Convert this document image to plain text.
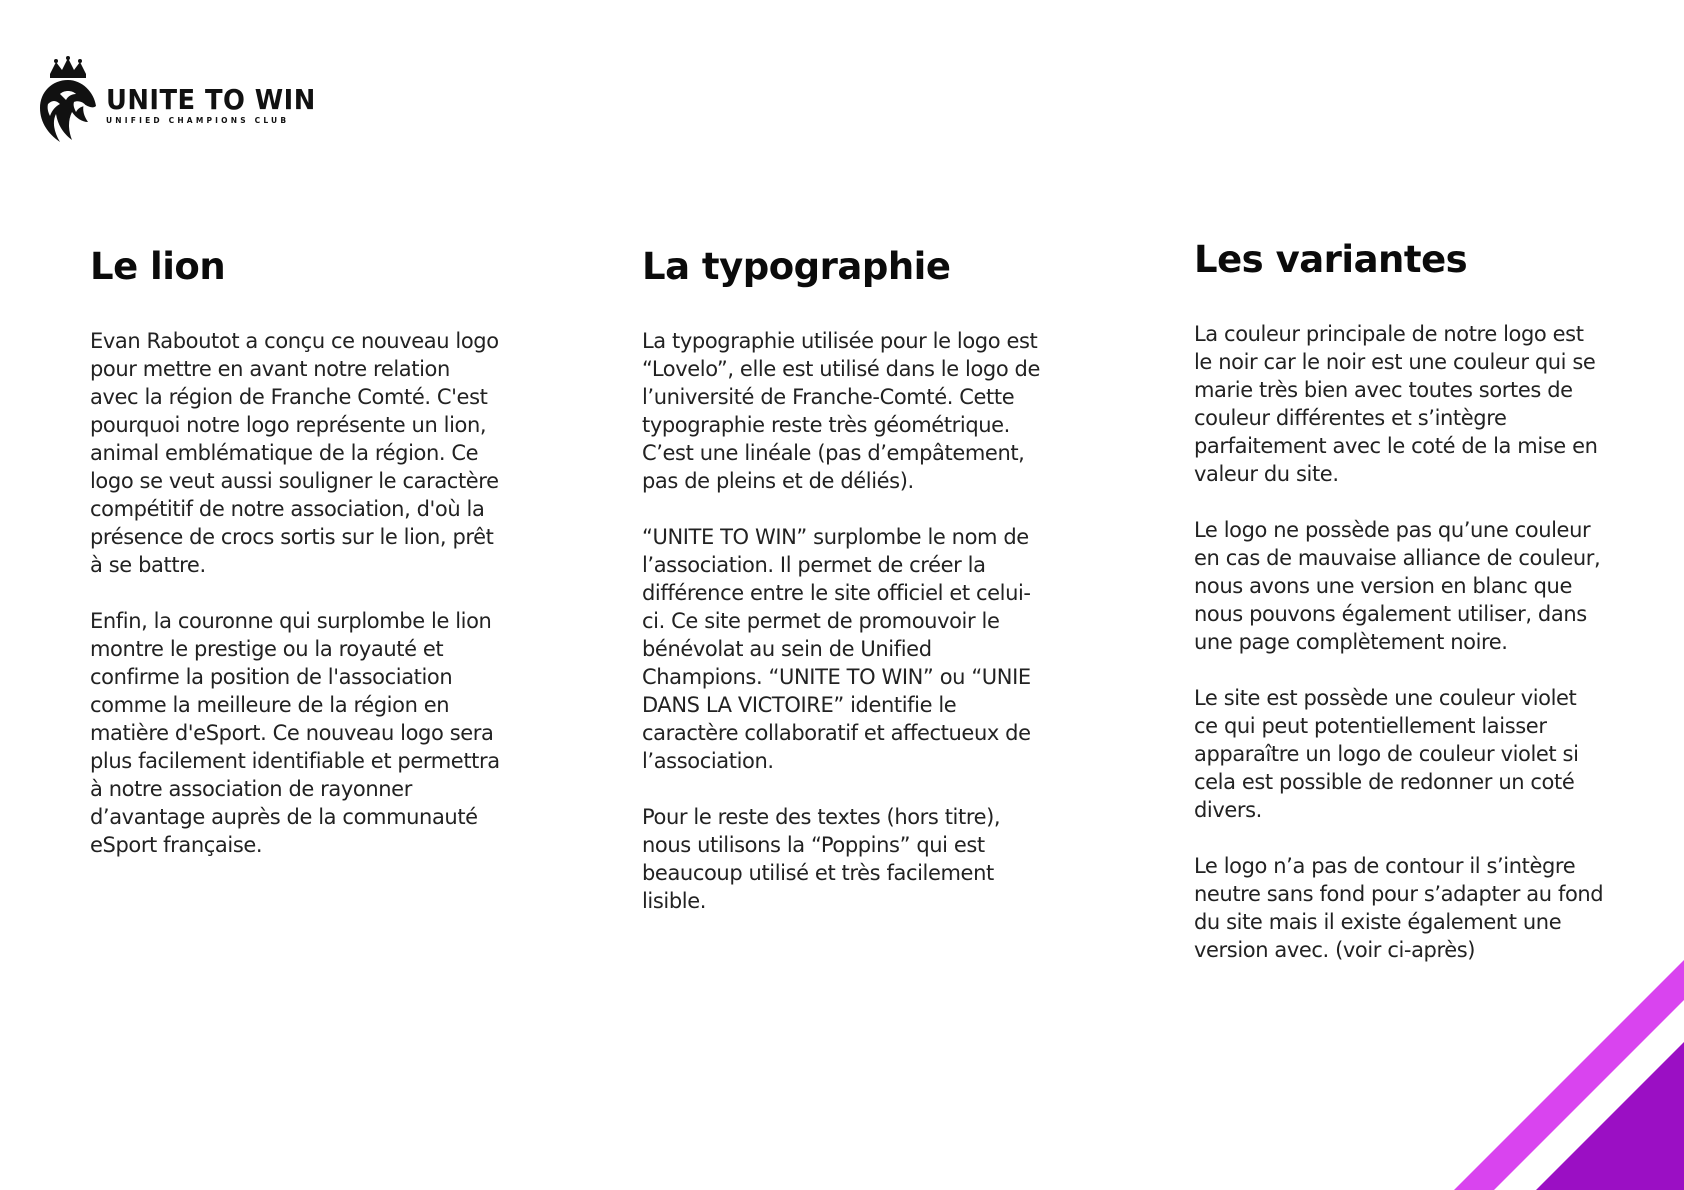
UNITE TO WIN
UNIFIED CHAMPIONS CLUB
Le lion

Evan Raboutot a conçu ce nouveau logo pour mettre en avant notre relation avec la région de Franche Comté. C'est pourquoi notre logo représente un lion, animal emblématique de la région. Ce logo se veut aussi souligner le caractère compétitif de notre association, d'où la présence de crocs sortis sur le lion, prêt à se battre.

Enfin, la couronne qui surplombe le lion montre le prestige ou la royauté et confirme la position de l'association comme la meilleure de la région en matière d'eSport. Ce nouveau logo sera plus facilement identifiable et permettra à notre association de rayonner d’avantage auprès de la communauté eSport française.

La typographie

La typographie utilisée pour le logo est “Lovelo”, elle est utilisé dans le logo de l’université de Franche-Comté. Cette typographie reste très géométrique. C’est une linéale (pas d’empâtement, pas de pleins et de déliés).

“UNITE TO WIN” surplombe le nom de l’association. Il permet de créer la différence entre le site officiel et celui-ci. Ce site permet de promouvoir le bénévolat au sein de Unified Champions. “UNITE TO WIN” ou “UNIE DANS LA VICTOIRE” identifie le caractère collaboratif et affectueux de l’association.

Pour le reste des textes (hors titre), nous utilisons la “Poppins” qui est beaucoup utilisé et très facilement lisible.

Les variantes

La couleur principale de notre logo est le noir car le noir est une couleur qui se marie très bien avec toutes sortes de couleur différentes et s’intègre parfaitement avec le coté de la mise en valeur du site.

Le logo ne possède pas qu’une couleur en cas de mauvaise alliance de couleur, nous avons une version en blanc que nous pouvons également utiliser, dans une page complètement noire.

Le site est possède une couleur violet ce qui peut potentiellement laisser apparaître un logo de couleur violet si cela est possible de redonner un coté divers.

Le logo n’a pas de contour il s’intègre neutre sans fond pour s’adapter au fond du site mais il existe également une version avec. (voir ci-après)
